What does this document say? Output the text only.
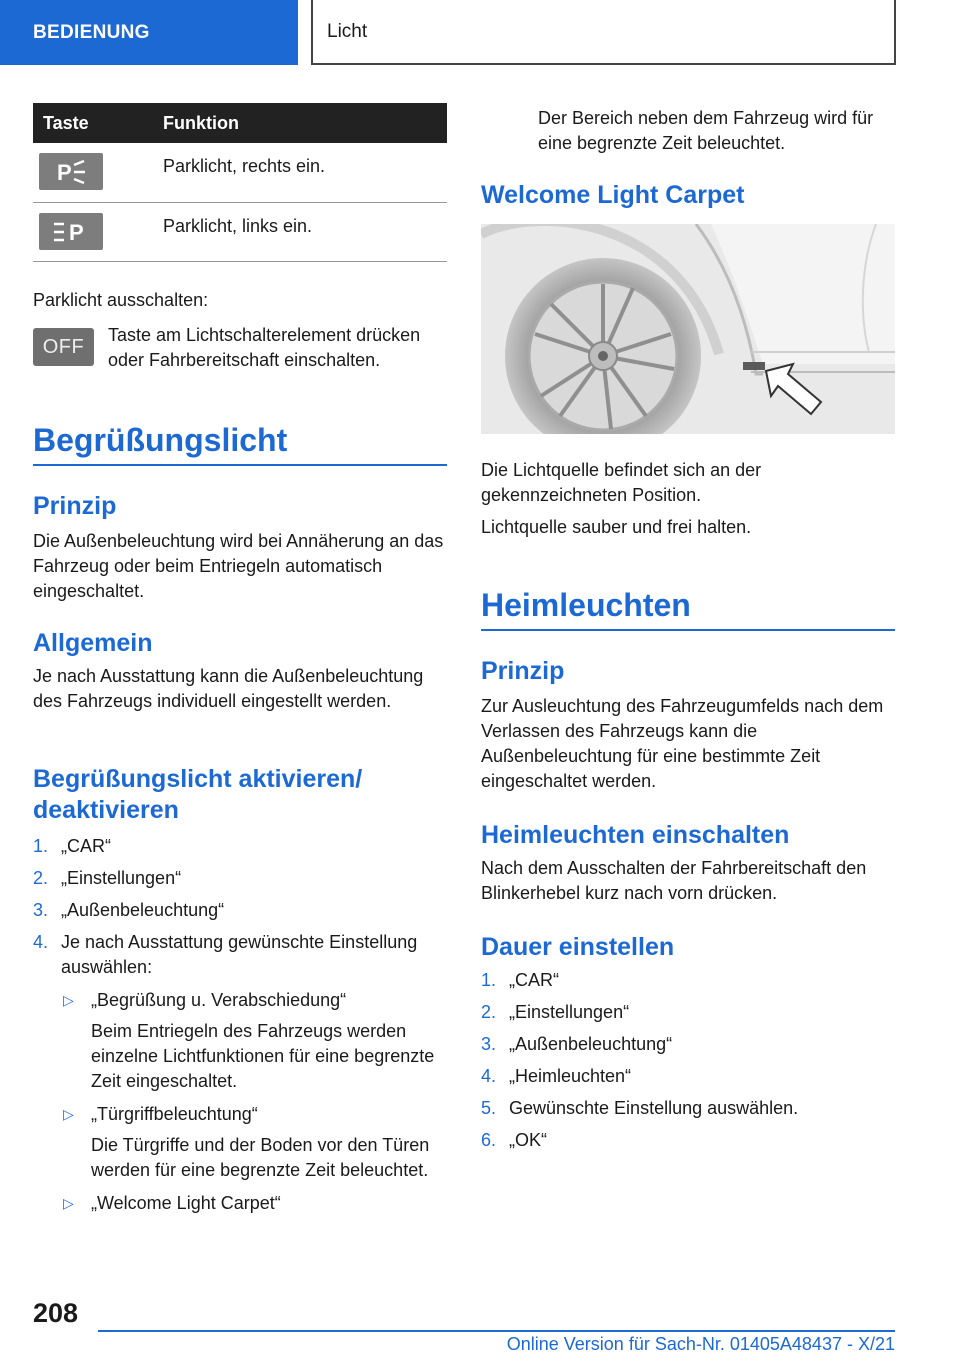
BEDIENUNG	Licht
Taste	Funktion
P	Parklicht, rechts ein.
P	Parklicht, links ein.
Parklicht ausschalten:
OFF
Taste am Lichtschalterelement drücken
oder Fahrbereitschaft einschalten.
Begrüßungslicht
Prinzip
Die Außenbeleuchtung wird bei Annäherung an das Fahrzeug oder beim Entriegeln automatisch eingeschaltet.
Allgemein
Je nach Ausstattung kann die Außenbeleuchtung des Fahrzeugs individuell eingestellt werden.
Begrüßungslicht aktivieren/ deaktivieren
1. „CAR“
2. „Einstellungen“
3. „Außenbeleuchtung“
4. Je nach Ausstattung gewünschte Einstellung auswählen:
▷ „Begrüßung u. Verabschiedung“

Beim Entriegeln des Fahrzeugs werden einzelne Lichtfunktionen für eine begrenzte Zeit eingeschaltet.

▷ „Türgriffbeleuchtung“

Die Türgriffe und der Boden vor den Türen werden für eine begrenzte Zeit beleuchtet.

▷ „Welcome Light Carpet“
Der Bereich neben dem Fahrzeug wird für eine begrenzte Zeit beleuchtet.
Welcome Light Carpet
Die Lichtquelle befindet sich an der gekennzeichneten Position.
Lichtquelle sauber und frei halten.
Heimleuchten
Prinzip
Zur Ausleuchtung des Fahrzeugumfelds nach dem Verlassen des Fahrzeugs kann die Außenbeleuchtung für eine bestimmte Zeit eingeschaltet werden.
Heimleuchten einschalten
Nach dem Ausschalten der Fahrbereitschaft den Blinkerhebel kurz nach vorn drücken.
Dauer einstellen
1. „CAR“
2. „Einstellungen“
3. „Außenbeleuchtung“
4. „Heimleuchten“
5. Gewünschte Einstellung auswählen.
6. „OK“
208
Online Version für Sach-Nr. 01405A48437 - X/21
